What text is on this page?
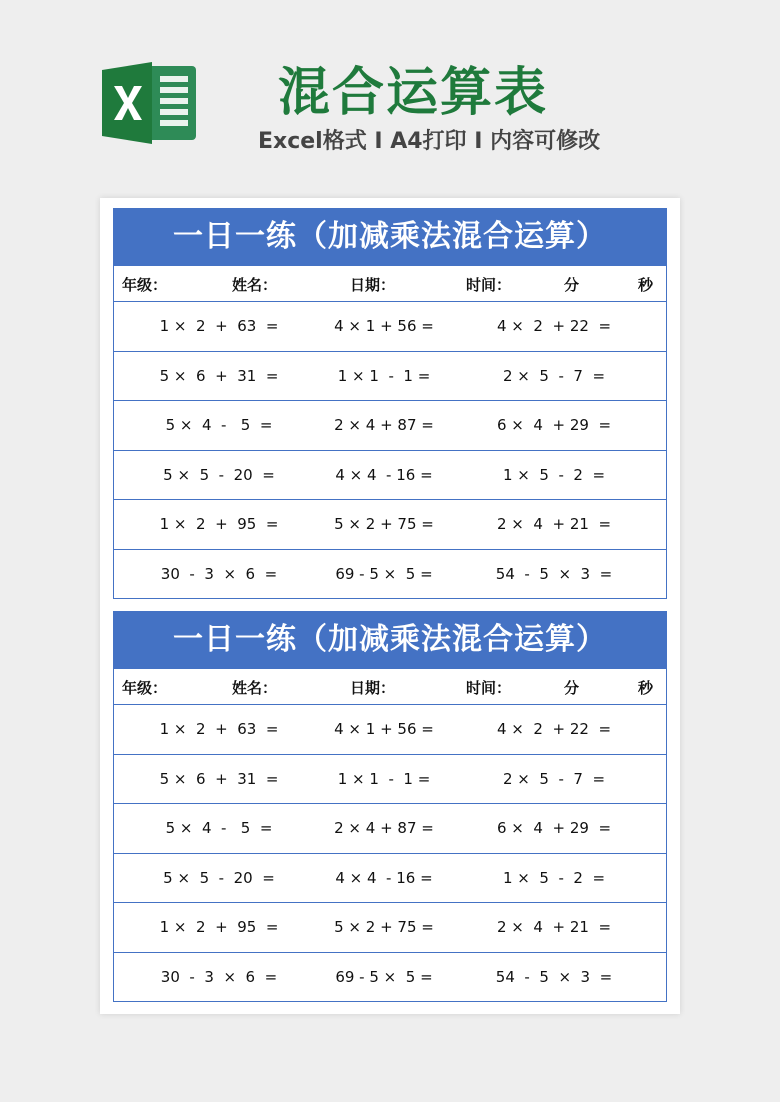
混合运算表
Excel格式 I A4打印 I 内容可修改
一日一练（加减乘法混合运算）
年级：	姓名：	日期：	时间：	分	秒
1 ×  2  +  63  =	4 × 1 + 56 =	4 ×  2  + 22  =
5 ×  6  +  31  =	1 × 1  -  1 =	2 ×  5  -  7  =
5 ×  4  -   5  =	2 × 4 + 87 =	6 ×  4  + 29  =
5 ×  5  -  20  =	4 × 4  - 16 =	1 ×  5  -  2  =
1 ×  2  +  95  =	5 × 2 + 75 =	2 ×  4  + 21  =
30  -  3  ×  6  =	69 - 5 ×  5 =	54  -  5  ×  3  =
一日一练（加减乘法混合运算）
年级：	姓名：	日期：	时间：	分	秒
1 ×  2  +  63  =	4 × 1 + 56 =	4 ×  2  + 22  =
5 ×  6  +  31  =	1 × 1  -  1 =	2 ×  5  -  7  =
5 ×  4  -   5  =	2 × 4 + 87 =	6 ×  4  + 29  =
5 ×  5  -  20  =	4 × 4  - 16 =	1 ×  5  -  2  =
1 ×  2  +  95  =	5 × 2 + 75 =	2 ×  4  + 21  =
30  -  3  ×  6  =	69 - 5 ×  5 =	54  -  5  ×  3  =
